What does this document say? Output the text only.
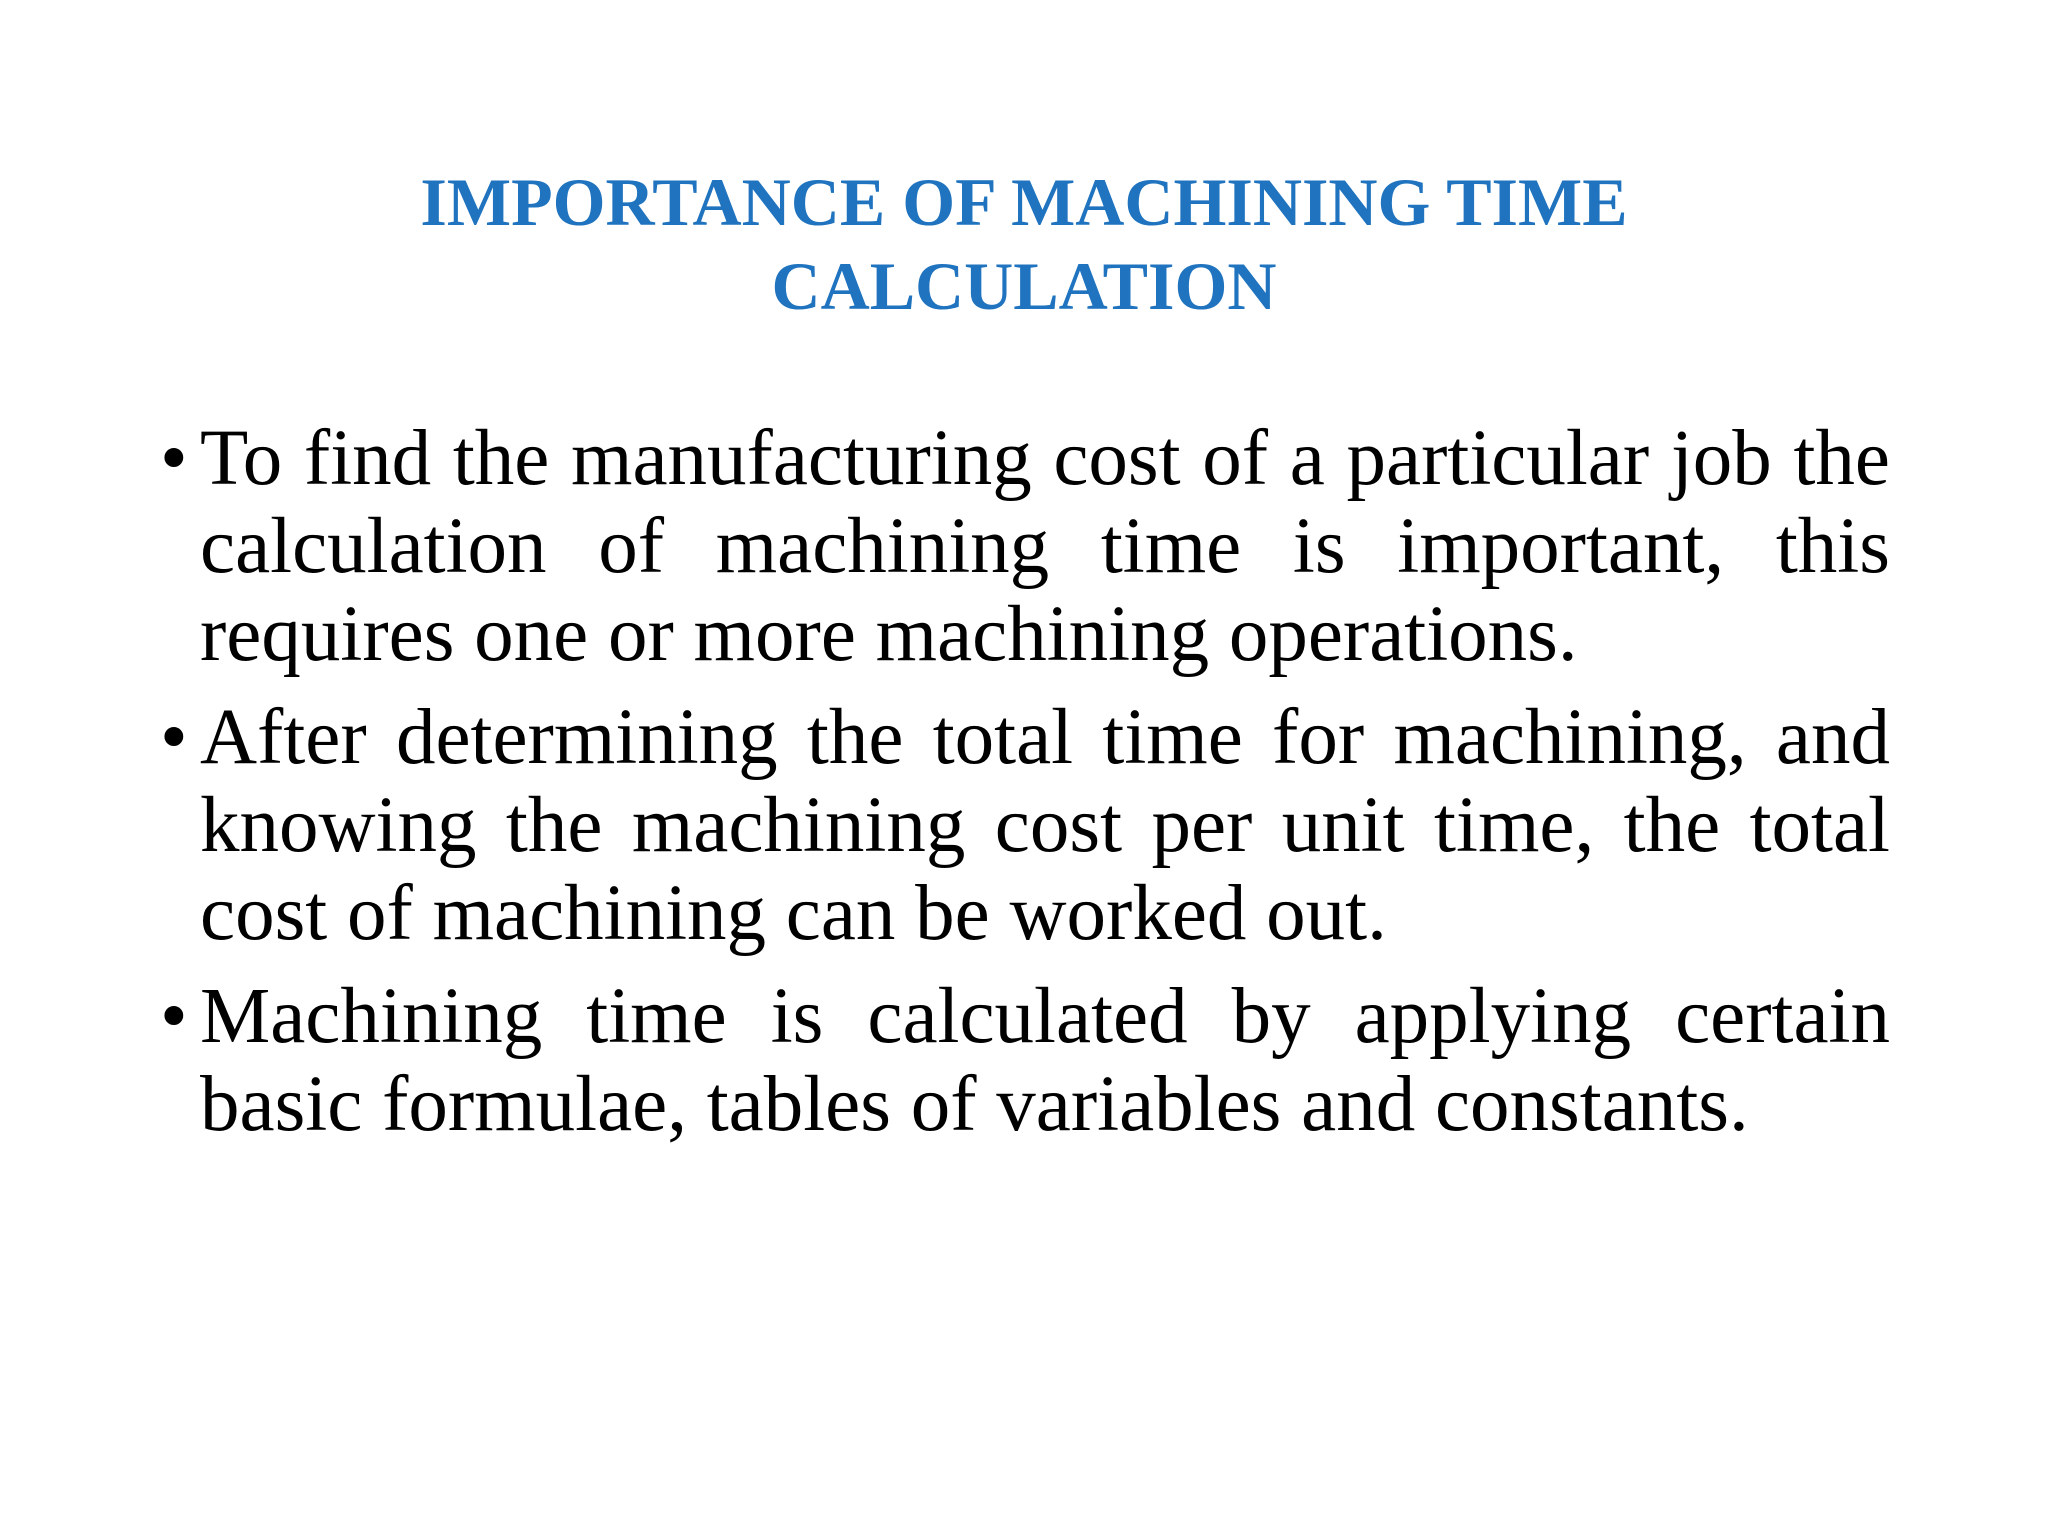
IMPORTANCE OF MACHINING TIME
CALCULATION
• To find the manufacturing cost of a particular job the calculation of machining time is important, this requires one or more machining operations.
• After determining the total time for machining, and knowing the machining cost per unit time, the total cost of machining can be worked out.
• Machining time is calculated by applying certain basic formulae, tables of variables and constants.
